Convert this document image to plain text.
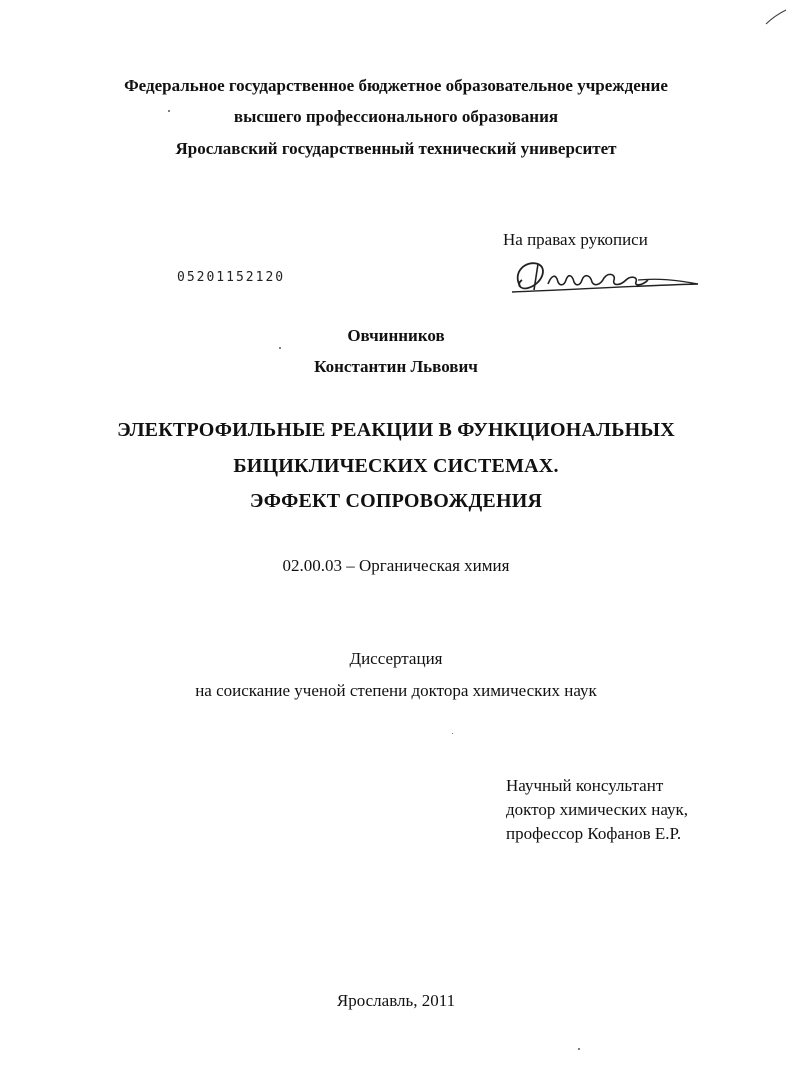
Федеральное государственное бюджетное образовательное учреждение
высшего профессионального образования
Ярославский государственный технический университет
На правах рукописи
05201152120
Овчинников
Константин Львович
ЭЛЕКТРОФИЛЬНЫЕ РЕАКЦИИ В ФУНКЦИОНАЛЬНЫХ
БИЦИКЛИЧЕСКИХ СИСТЕМАХ.
ЭФФЕКТ СОПРОВОЖДЕНИЯ
02.00.03 – Органическая химия
Диссертация
на соискание ученой степени доктора химических наук
Научный консультант
доктор химических наук,
профессор Кофанов Е.Р.
Ярославль, 2011
